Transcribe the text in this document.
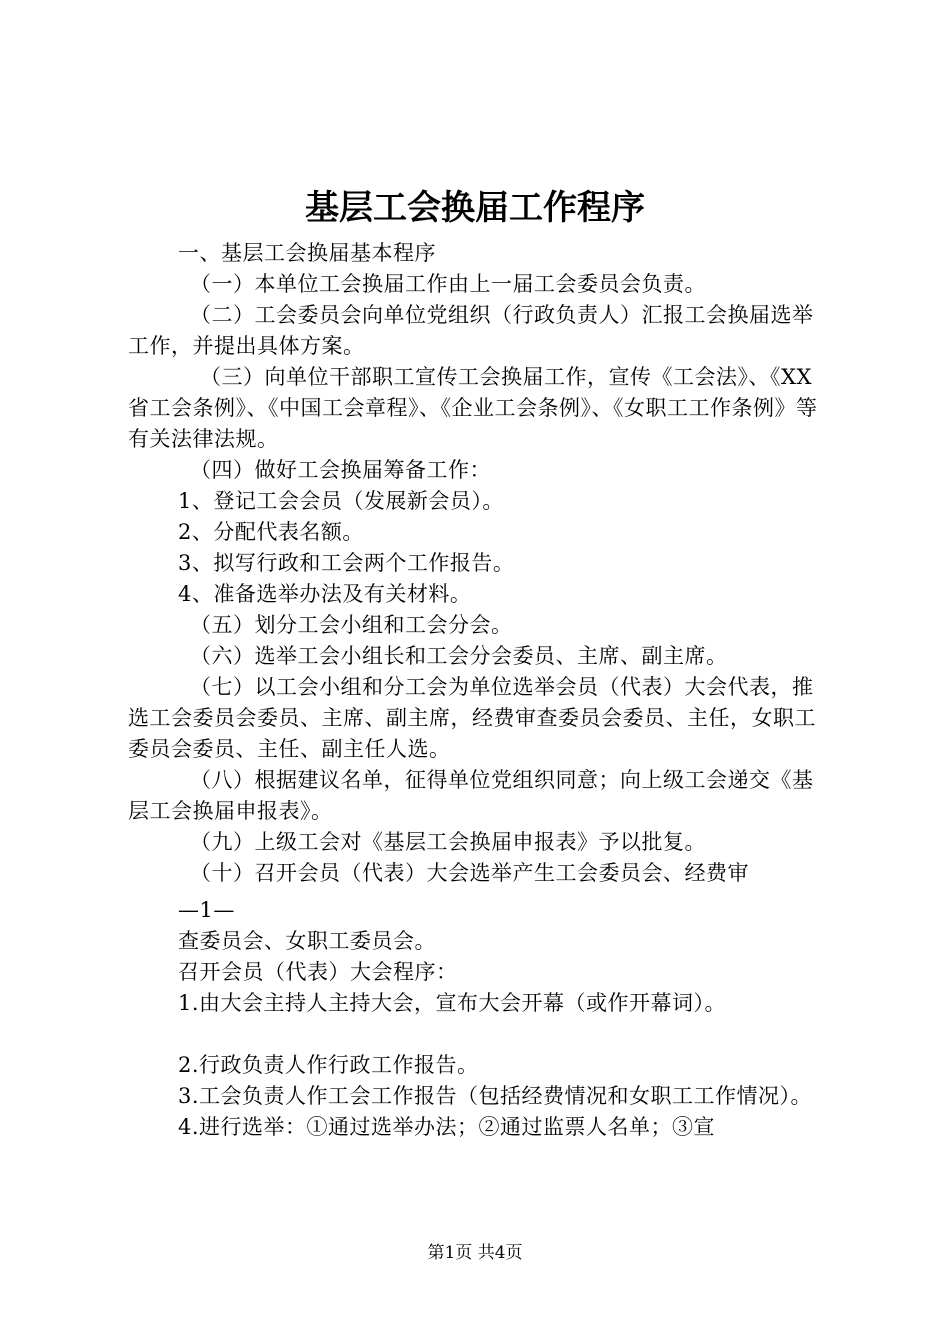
基层工会换届工作程序

一、基层工会换届基本程序

（一）本单位工会换届工作由上一届工会委员会负责。

（二）工会委员会向单位党组织（行政负责人）汇报工会换届选举工作，并提出具体方案。

（三）向单位干部职工宣传工会换届工作，宣传《工会法》、《XX省工会条例》、《中国工会章程》、《企业工会条例》、《女职工工作条例》等有关法律法规。

（四）做好工会换届筹备工作：

1、登记工会会员（发展新会员）。

2、分配代表名额。

3、拟写行政和工会两个工作报告。

4、准备选举办法及有关材料。

（五）划分工会小组和工会分会。

（六）选举工会小组长和工会分会委员、主席、副主席。

（七）以工会小组和分工会为单位选举会员（代表）大会代表，推选工会委员会委员、主席、副主席，经费审查委员会委员、主任，女职工委员会委员、主任、副主任人选。

（八）根据建议名单，征得单位党组织同意；向上级工会递交《基层工会换届申报表》。

（九）上级工会对《基层工会换届申报表》予以批复。

（十）召开会员（代表）大会选举产生工会委员会、经费审

—1—

查委员会、女职工委员会。

召开会员（代表）大会程序：

1.由大会主持人主持大会，宣布大会开幕（或作开幕词）。

2.行政负责人作行政工作报告。

3.工会负责人作工会工作报告（包括经费情况和女职工工作情况）。

4.进行选举：①通过选举办法；②通过监票人名单；③宣

第1页 共4页
